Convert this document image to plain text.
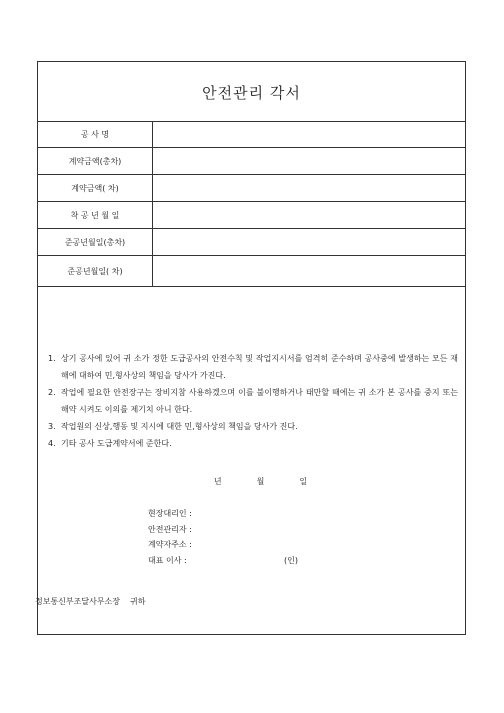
안전관리 각서
공 사 명	
계약금액(총차)	
계약금액( 차)	
착 공 년 월 일	
준공년월일(총차)	
준공년월일( 차)	
1. 상기 공사에 있어 귀 소가 정한 도급공사의 안전수칙 및 작업지시서를 엄격히 준수하며 공사중에 발생하는 모든 재해에 대하여 민,형사상의 책임을 당사가 가진다.
2. 작업에 필요한 안전장구는 장비지참 사용하겠으며 이를 불이행하거나 태만할 때에는 귀 소가 본 공사를 중지 또는 해약 시켜도 이의를 제기치 아니 한다.
3. 작업원의 신상,행동 및 지시에 대한 민,형사상의 책임을 당사가 진다.
4. 기타 공사 도급계약서에 준한다.
년	월	일
현장대리인 :
안전관리자 :
계약자주소 :
대표 이사 :	(인)
정보통신부조달사무소장 귀하
